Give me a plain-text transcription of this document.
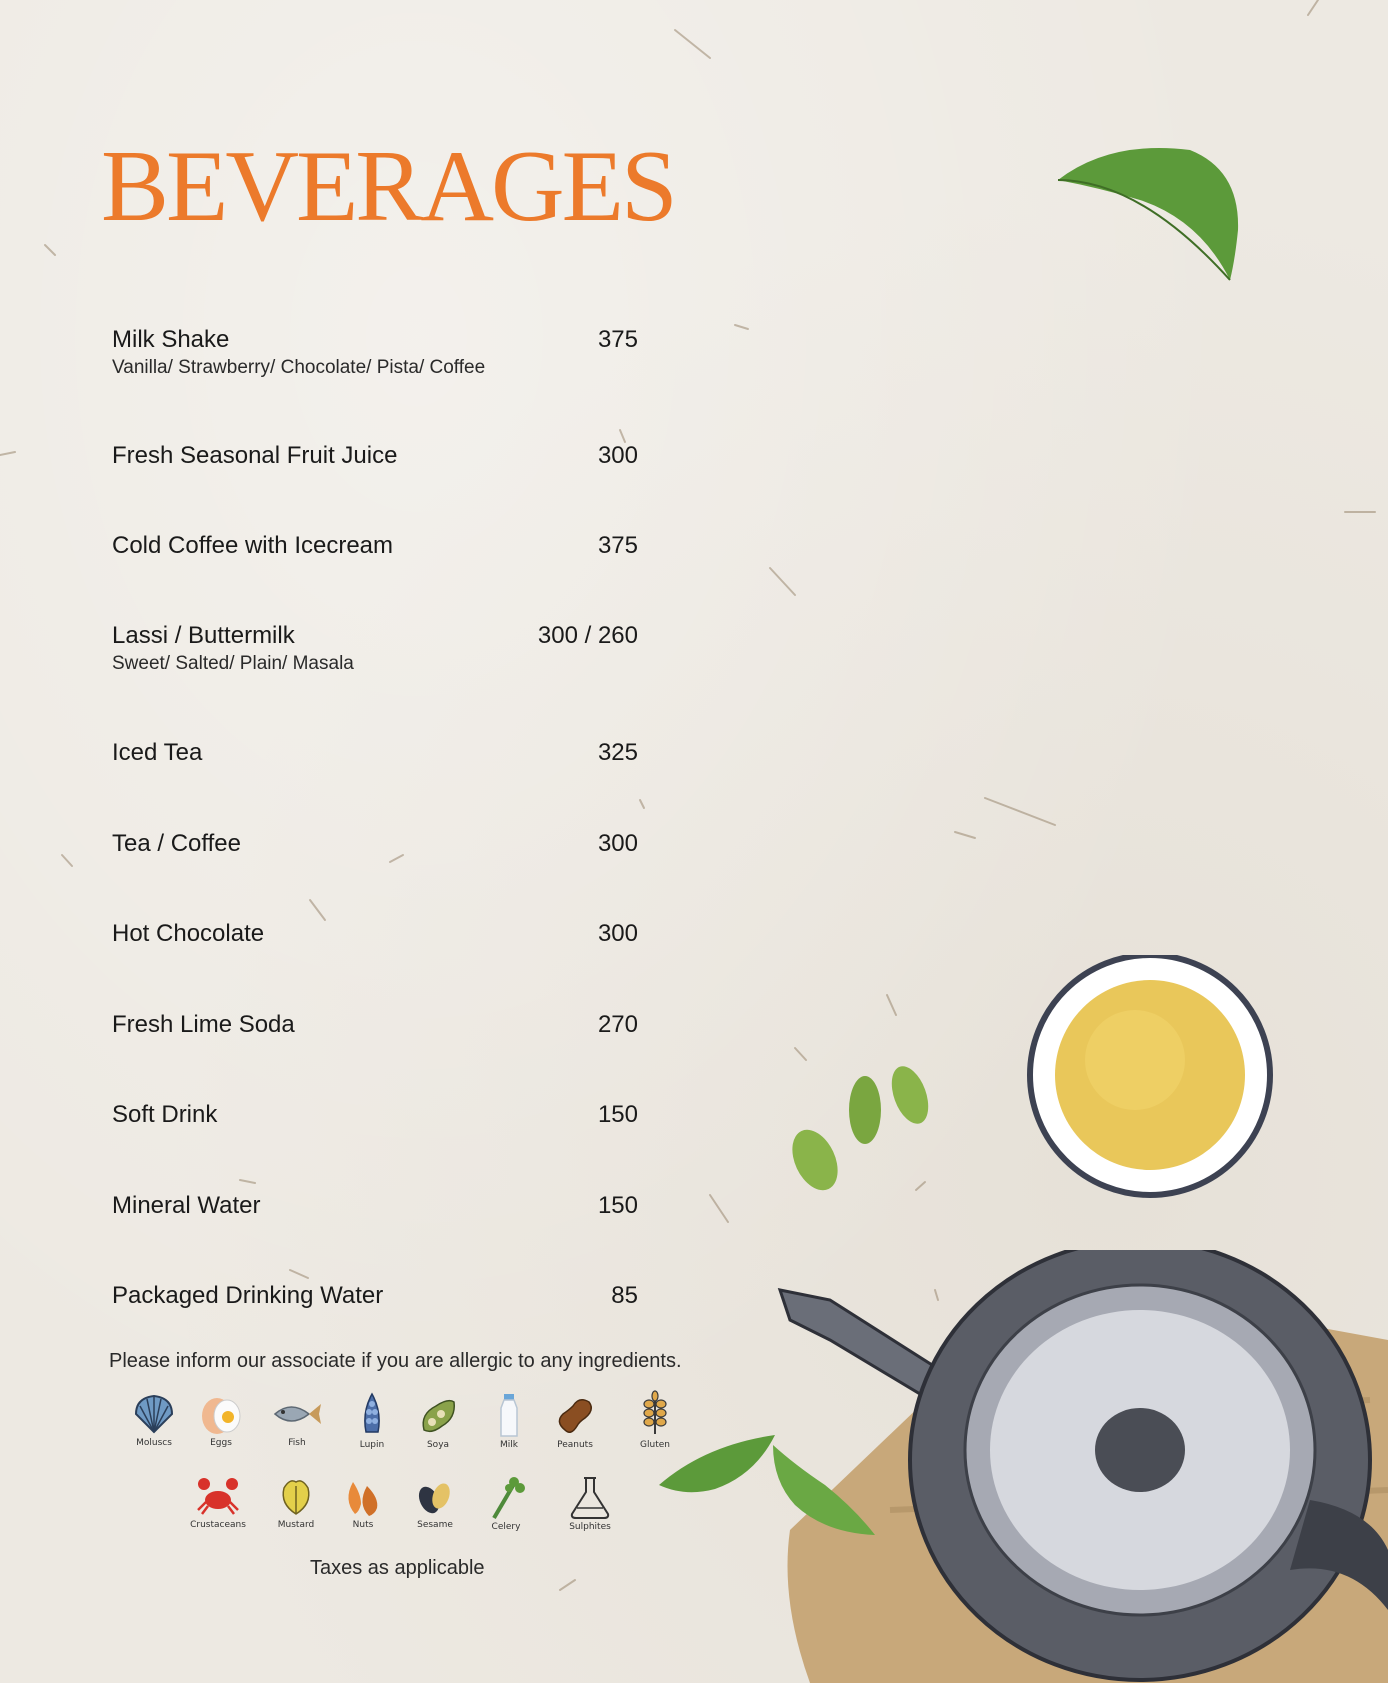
BEVERAGES
Milk Shake	375
Vanilla/ Strawberry/ Chocolate/ Pista/ Coffee
Fresh Seasonal Fruit Juice	300
Cold Coffee with Icecream	375
Lassi / Buttermilk	300 / 260
Sweet/ Salted/ Plain/ Masala
Iced Tea	325
Tea / Coffee	300
Hot Chocolate	300
Fresh Lime Soda	270
Soft Drink	150
Mineral Water	150
Packaged Drinking Water	85
Please inform our associate if you are allergic to any ingredients.
Moluscs	Eggs	Fish	Lupin	Soya	Milk	Peanuts	Gluten
Crustaceans	Mustard	Nuts	Sesame	Celery	Sulphites
Taxes as applicable
